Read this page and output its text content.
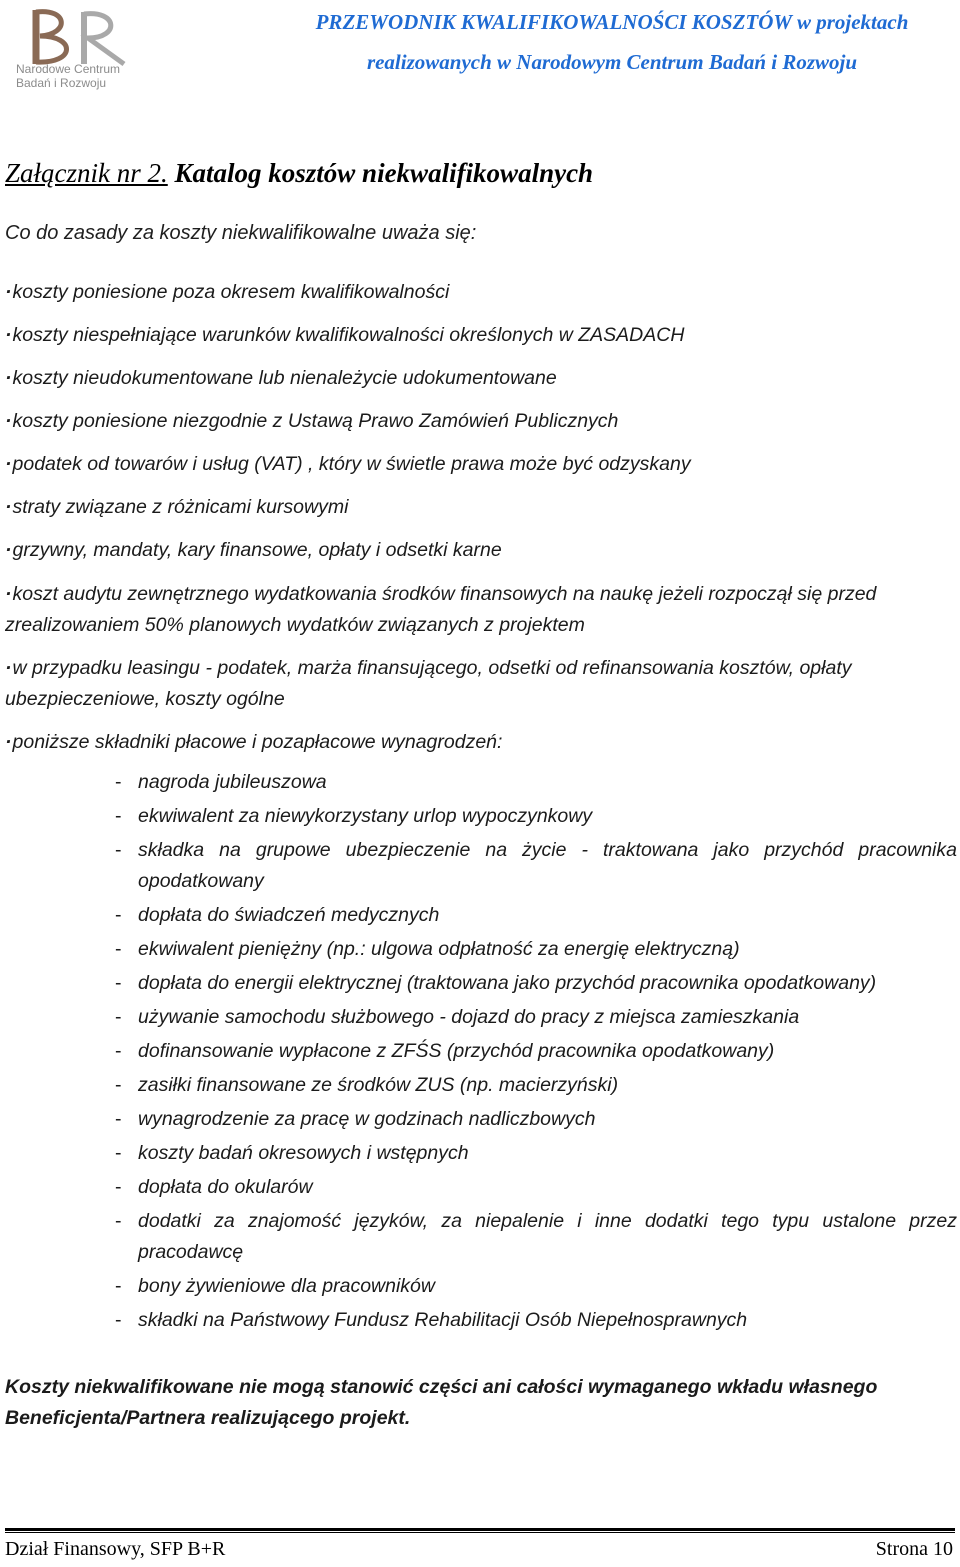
Narodowe Centrum
Badań i Rozwoju
PRZEWODNIK KWALIFIKOWALNOŚCI KOSZTÓW w projektach
realizowanych w Narodowym Centrum Badań i Rozwoju
Załącznik nr 2. Katalog kosztów niekwalifikowalnych
Co do zasady za koszty niekwalifikowalne uważa się:
·koszty poniesione poza okresem kwalifikowalności
·koszty niespełniające warunków kwalifikowalności określonych w ZASADACH
·koszty nieudokumentowane lub nienależycie udokumentowane
·koszty poniesione niezgodnie z Ustawą Prawo Zamówień Publicznych
·podatek od towarów i usług (VAT) , który w świetle prawa może być odzyskany
·straty związane z różnicami kursowymi
·grzywny, mandaty, kary finansowe, opłaty i odsetki karne
·koszt audytu zewnętrznego wydatkowania środków finansowych na naukę jeżeli rozpoczął się przed zrealizowaniem 50% planowych wydatków związanych z projektem
·w przypadku leasingu - podatek, marża finansującego, odsetki od refinansowania kosztów, opłaty ubezpieczeniowe, koszty ogólne
·poniższe składniki płacowe i pozapłacowe wynagrodzeń:
- nagroda jubileuszowa
- ekwiwalent za niewykorzystany urlop wypoczynkowy
- składka na grupowe ubezpieczenie na życie - traktowana jako przychód pracownika opodatkowany
- dopłata do świadczeń medycznych
- ekwiwalent pieniężny (np.: ulgowa odpłatność za energię elektryczną)
- dopłata do energii elektrycznej (traktowana jako przychód pracownika opodatkowany)
- używanie samochodu służbowego - dojazd do pracy z miejsca zamieszkania
- dofinansowanie wypłacone z ZFŚS (przychód pracownika opodatkowany)
- zasiłki finansowane ze środków ZUS (np. macierzyński)
- wynagrodzenie za pracę w godzinach nadliczbowych
- koszty badań okresowych i wstępnych
- dopłata do okularów
- dodatki za znajomość języków, za niepalenie i inne dodatki tego typu ustalone przez pracodawcę
- bony żywieniowe dla pracowników
- składki na Państwowy Fundusz Rehabilitacji Osób Niepełnosprawnych
Koszty niekwalifikowane nie mogą stanowić części ani całości wymaganego wkładu własnego Beneficjenta/Partnera realizującego projekt.
Dział Finansowy, SFP B+R	Strona 10
